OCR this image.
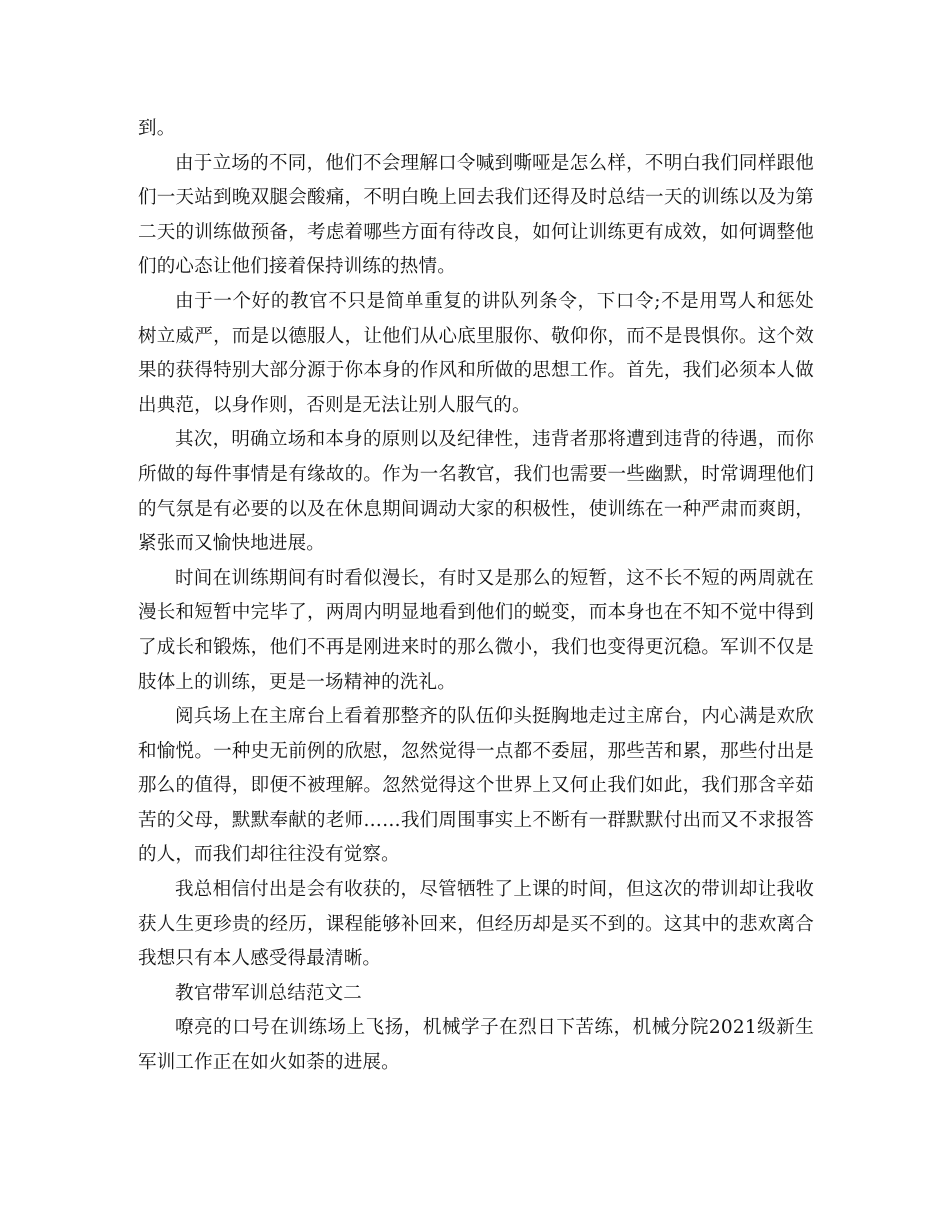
到。

由于立场的不同，他们不会理解口令喊到嘶哑是怎么样，不明白我们同样跟他们一天站到晚双腿会酸痛，不明白晚上回去我们还得及时总结一天的训练以及为第二天的训练做预备，考虑着哪些方面有待改良，如何让训练更有成效，如何调整他们的心态让他们接着保持训练的热情。

由于一个好的教官不只是简单重复的讲队列条令，下口令;不是用骂人和惩处树立威严，而是以德服人，让他们从心底里服你、敬仰你，而不是畏惧你。这个效果的获得特别大部分源于你本身的作风和所做的思想工作。首先，我们必须本人做出典范，以身作则，否则是无法让别人服气的。

其次，明确立场和本身的原则以及纪律性，违背者那将遭到违背的待遇，而你所做的每件事情是有缘故的。作为一名教官，我们也需要一些幽默，时常调理他们的气氛是有必要的以及在休息期间调动大家的积极性，使训练在一种严肃而爽朗，紧张而又愉快地进展。

时间在训练期间有时看似漫长，有时又是那么的短暂，这不长不短的两周就在漫长和短暂中完毕了，两周内明显地看到他们的蜕变，而本身也在不知不觉中得到了成长和锻炼，他们不再是刚进来时的那么微小，我们也变得更沉稳。军训不仅是肢体上的训练，更是一场精神的洗礼。

阅兵场上在主席台上看着那整齐的队伍仰头挺胸地走过主席台，内心满是欢欣和愉悦。一种史无前例的欣慰，忽然觉得一点都不委屈，那些苦和累，那些付出是那么的值得，即便不被理解。忽然觉得这个世界上又何止我们如此，我们那含辛茹苦的父母，默默奉献的老师……我们周围事实上不断有一群默默付出而又不求报答的人，而我们却往往没有觉察。

我总相信付出是会有收获的，尽管牺牲了上课的时间，但这次的带训却让我收获人生更珍贵的经历，课程能够补回来，但经历却是买不到的。这其中的悲欢离合我想只有本人感受得最清晰。

教官带军训总结范文二

嘹亮的口号在训练场上飞扬，机械学子在烈日下苦练，机械分院2021级新生军训工作正在如火如荼的进展。
